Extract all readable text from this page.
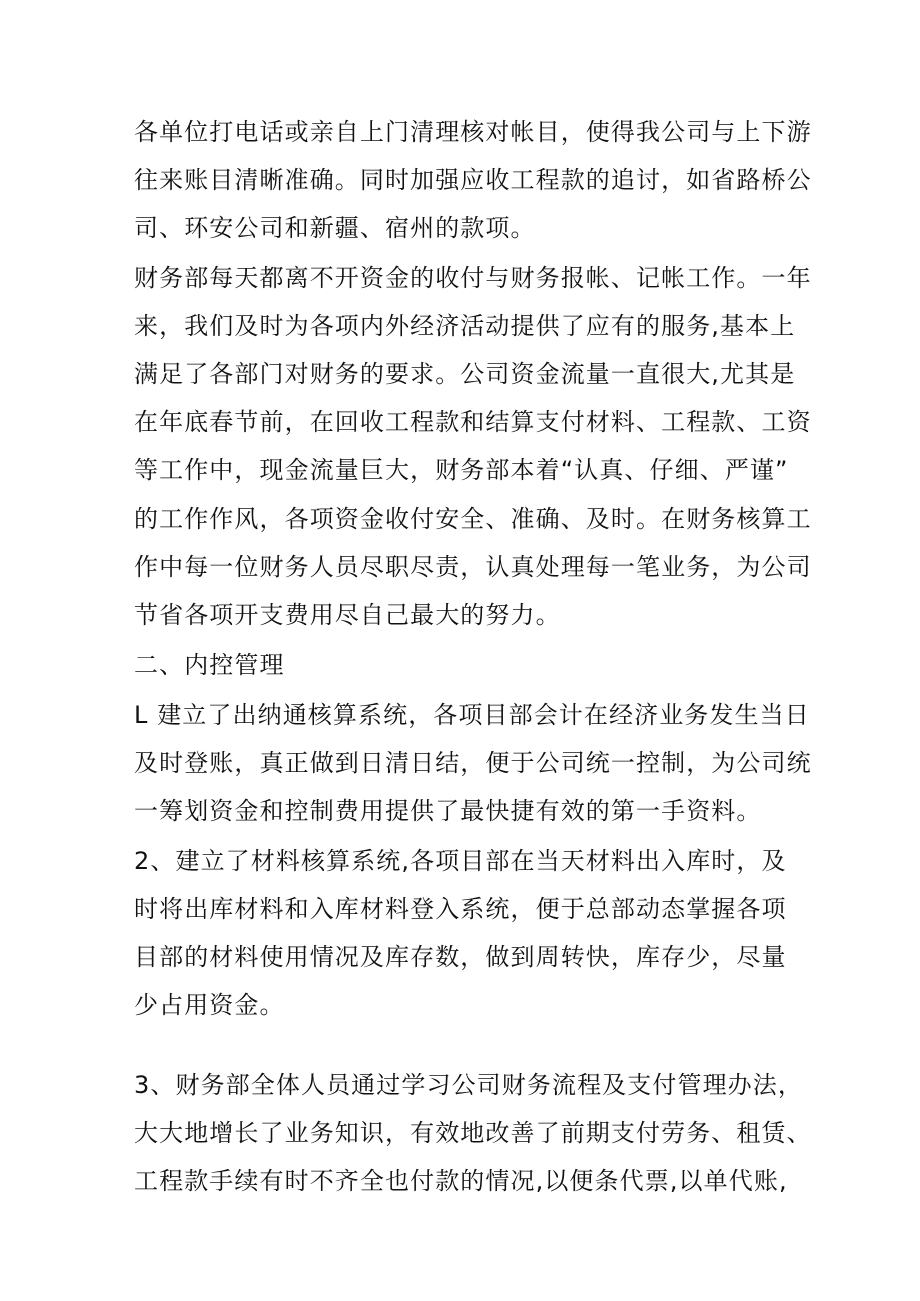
各单位打电话或亲自上门清理核对帐目，使得我公司与上下游
往来账目清晰准确。同时加强应收工程款的追讨，如省路桥公
司、环安公司和新疆、宿州的款项。
财务部每天都离不开资金的收付与财务报帐、记帐工作。一年
来，我们及时为各项内外经济活动提供了应有的服务,基本上
满足了各部门对财务的要求。公司资金流量一直很大,尤其是
在年底春节前，在回收工程款和结算支付材料、工程款、工资
等工作中，现金流量巨大，财务部本着“认真、仔细、严谨”
的工作作风，各项资金收付安全、准确、及时。在财务核算工
作中每一位财务人员尽职尽责，认真处理每一笔业务，为公司
节省各项开支费用尽自己最大的努力。
二、内控管理
L 建立了出纳通核算系统，各项目部会计在经济业务发生当日
及时登账，真正做到日清日结，便于公司统一控制，为公司统
一筹划资金和控制费用提供了最快捷有效的第一手资料。
2、建立了材料核算系统,各项目部在当天材料出入库时，及
时将出库材料和入库材料登入系统，便于总部动态掌握各项
目部的材料使用情况及库存数，做到周转快，库存少，尽量
少占用资金。
3、财务部全体人员通过学习公司财务流程及支付管理办法，
大大地增长了业务知识，有效地改善了前期支付劳务、租赁、
工程款手续有时不齐全也付款的情况,以便条代票,以单代账,
